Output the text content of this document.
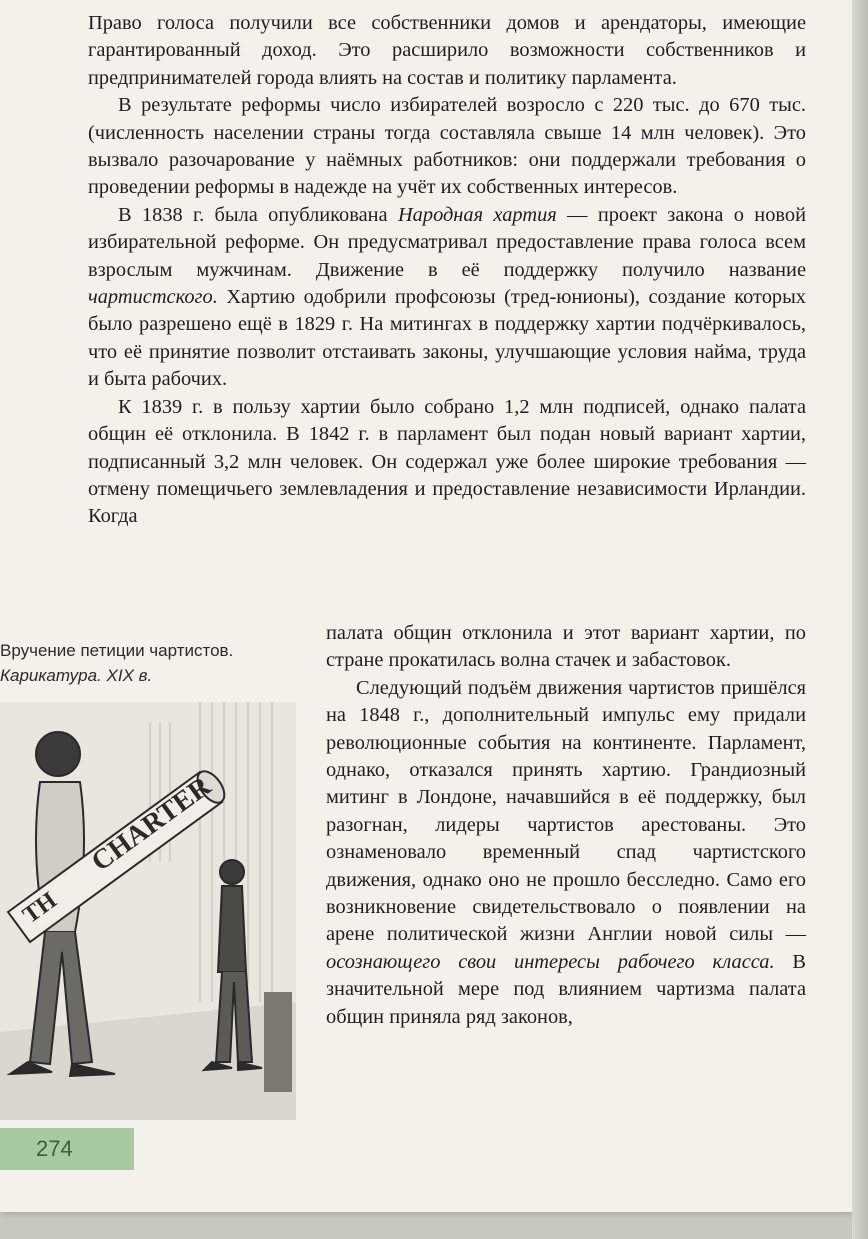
Право голоса получили все собственники домов и арендаторы, имеющие гарантированный доход. Это расширило возможности собственников и предпринимателей города влиять на состав и политику парламента.

В результате реформы число избирателей возросло с 220 тыс. до 670 тыс. (численность населении страны тогда составляла свыше 14 млн человек). Это вызвало разочарование у наёмных работников: они поддержали требования о проведении реформы в надежде на учёт их собственных интересов.

В 1838 г. была опубликована Народная хартия — проект закона о новой избирательной реформе. Он предусматривал предоставление права голоса всем взрослым мужчинам. Движение в её поддержку получило название чартистского. Хартию одобрили профсоюзы (тред-юнионы), создание которых было разрешено ещё в 1829 г. На митингах в поддержку хартии подчёркивалось, что её принятие позволит отстаивать законы, улучшающие условия найма, труда и быта рабочих.

К 1839 г. в пользу хартии было собрано 1,2 млн подписей, однако палата общин её отклонила. В 1842 г. в парламент был подан новый вариант хартии, подписанный 3,2 млн человек. Он содержал уже более широкие требования — отмену помещичьего землевладения и предоставление независимости Ирландии. Когда

Вручение петиции чартистов.
Карикатура. XIX в.
CHARTER
TH

палата общин отклонила и этот вариант хартии, по стране прокатилась волна стачек и забастовок.

Следующий подъём движения чартистов пришёлся на 1848 г., дополнительный импульс ему придали революционные события на континенте. Парламент, однако, отказался принять хартию. Грандиозный митинг в Лондоне, начавшийся в её поддержку, был разогнан, лидеры чартистов арестованы. Это ознаменовало временный спад чартистского движения, однако оно не прошло бесследно. Само его возникновение свидетельствовало о появлении на арене политической жизни Англии новой силы — осознающего свои интересы рабочего класса. В значительной мере под влиянием чартизма палата общин приняла ряд законов,

274
